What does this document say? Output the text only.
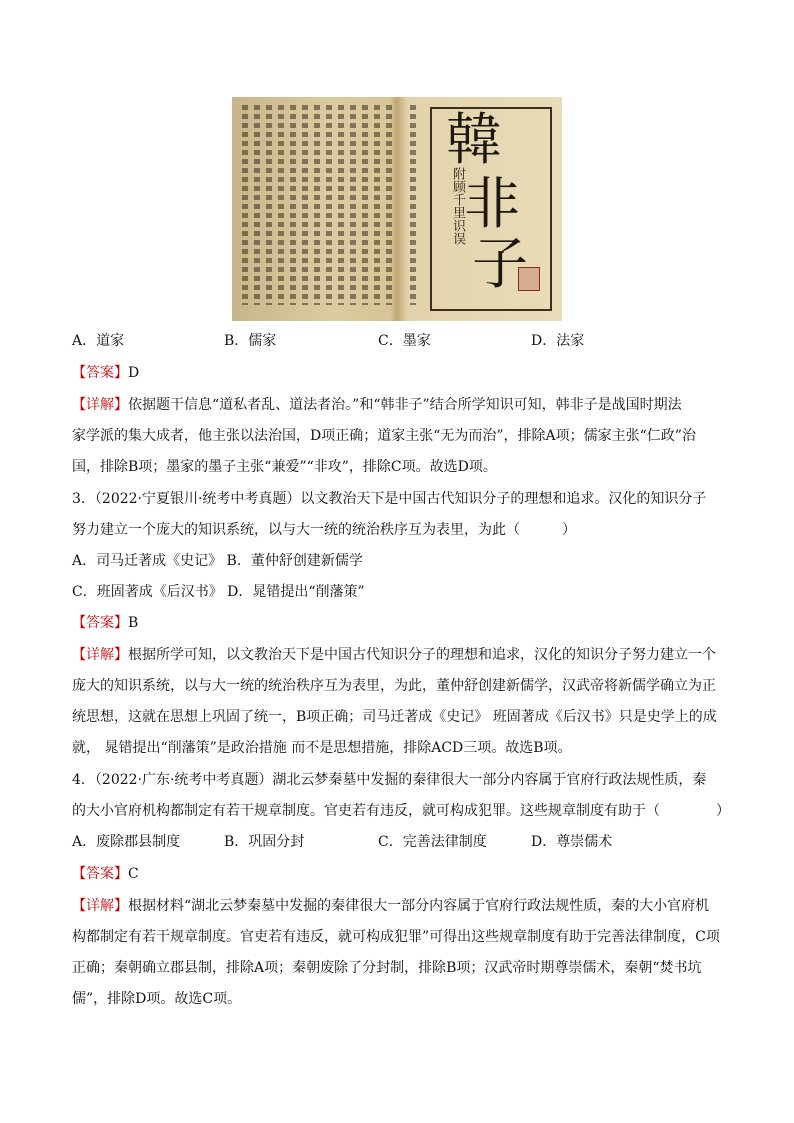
韓
非
子
附顾千里识误
A．道家	B．儒家	C．墨家	D．法家
【答案】D
【详解】依据题干信息“道私者乱、道法者治。”和“韩非子”结合所学知识可知，韩非子是战国时期法
家学派的集大成者，他主张以法治国，D项正确；道家主张“无为而治”，排除A项；儒家主张“仁政”治
国，排除B项；墨家的墨子主张“兼爱”“非攻”，排除C项。故选D项。
3．（2022·宁夏银川·统考中考真题）以文教治天下是中国古代知识分子的理想和追求。汉化的知识分子
努力建立一个庞大的知识系统，以与大一统的统治秩序互为表里，为此（　　　）
A．司马迁著成《史记》 B．董仲舒创建新儒学
C．班固著成《后汉书》 D．晁错提出“削藩策”
【答案】B
【详解】根据所学可知，以文教治天下是中国古代知识分子的理想和追求，汉化的知识分子努力建立一个
庞大的知识系统，以与大一统的统治秩序互为表里，为此，董仲舒创建新儒学，汉武帝将新儒学确立为正
统思想，这就在思想上巩固了统一，B项正确；司马迁著成《史记》 班固著成《后汉书》只是史学上的成
就， 晁错提出“削藩策”是政治措施 而不是思想措施，排除ACD三项。故选B项。
4．（2022·广东·统考中考真题）湖北云梦秦墓中发掘的秦律很大一部分内容属于官府行政法规性质，秦
的大小官府机构都制定有若干规章制度。官吏若有违反，就可构成犯罪。这些规章制度有助于（　　　　）
A．废除郡县制度	B．巩固分封	C．完善法律制度	D．尊崇儒术
【答案】C
【详解】根据材料“湖北云梦秦墓中发掘的秦律很大一部分内容属于官府行政法规性质，秦的大小官府机
构都制定有若干规章制度。官吏若有违反，就可构成犯罪”可得出这些规章制度有助于完善法律制度，C项
正确；秦朝确立郡县制，排除A项；秦朝废除了分封制，排除B项；汉武帝时期尊崇儒术，秦朝“焚书坑
儒”，排除D项。故选C项。
